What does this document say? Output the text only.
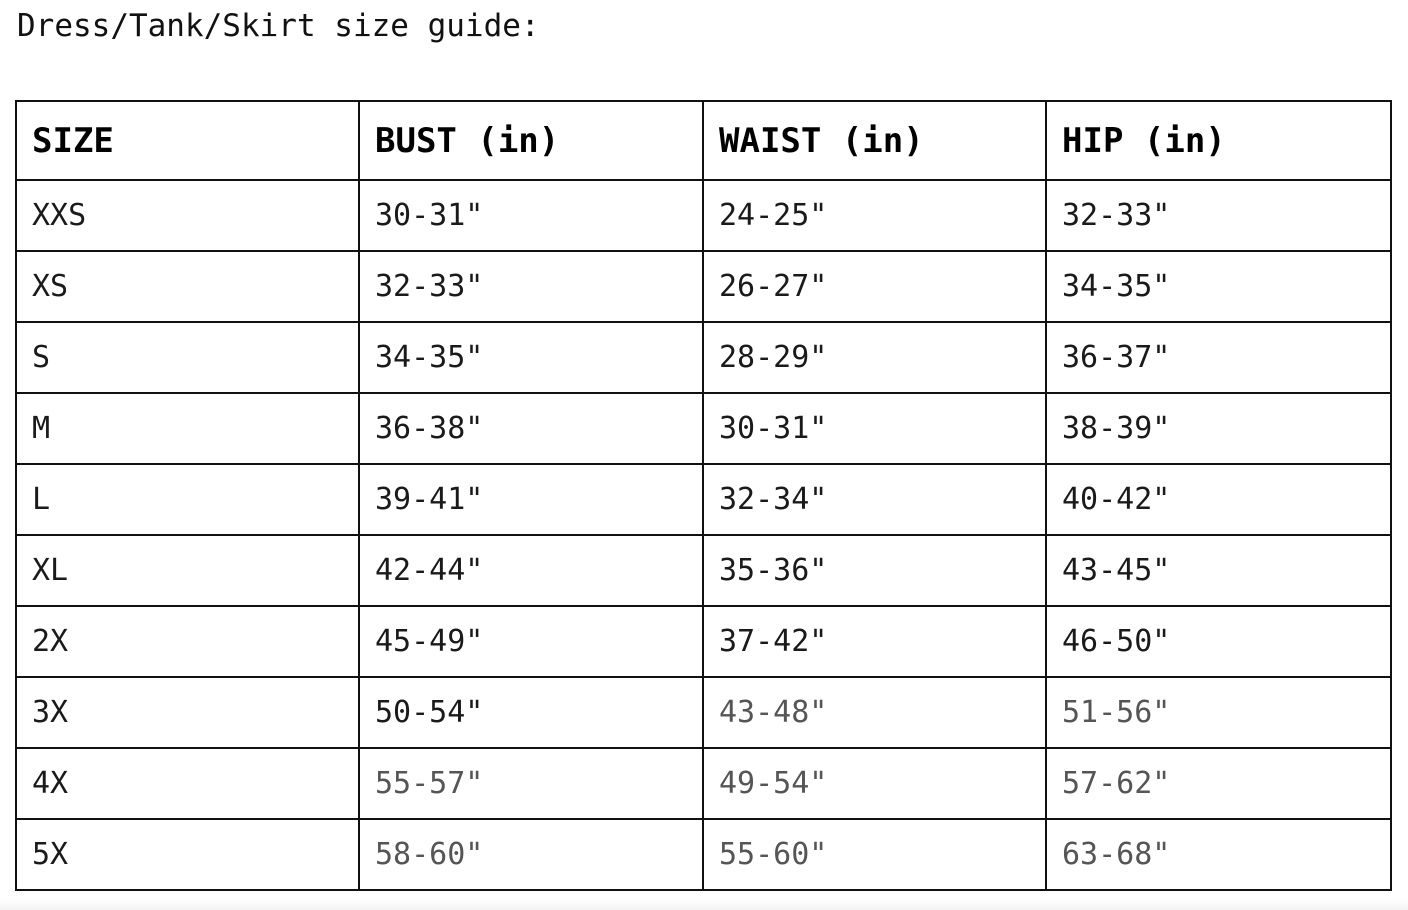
Dress/Tank/Skirt size guide:
SIZE	BUST (in)	WAIST (in)	HIP (in)
XXS	30-31"	24-25"	32-33"
XS	32-33"	26-27"	34-35"
S	34-35"	28-29"	36-37"
M	36-38"	30-31"	38-39"
L	39-41"	32-34"	40-42"
XL	42-44"	35-36"	43-45"
2X	45-49"	37-42"	46-50"
3X	50-54"	43-48"	51-56"
4X	55-57"	49-54"	57-62"
5X	58-60"	55-60"	63-68"
